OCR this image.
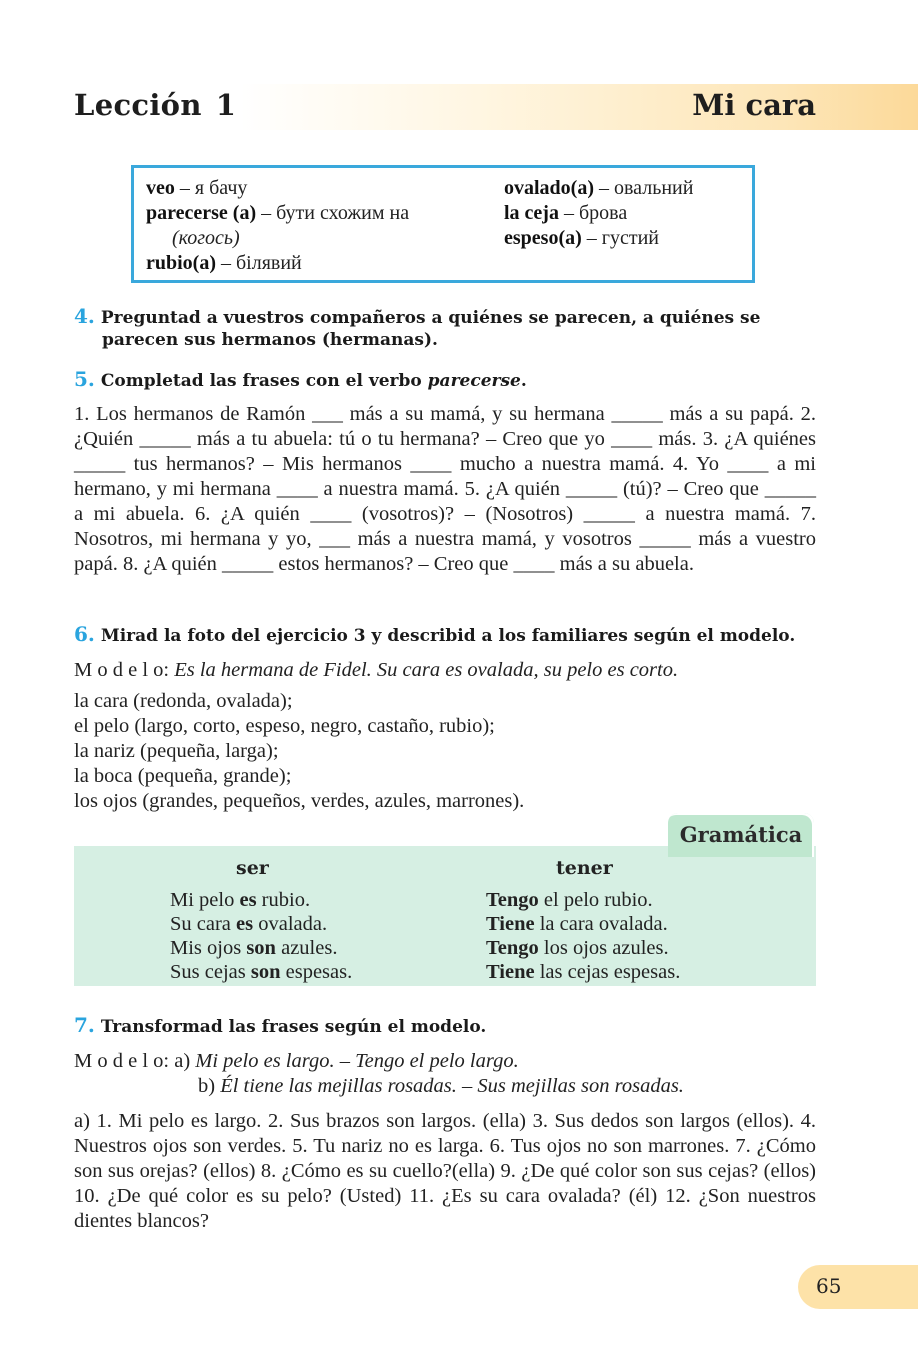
Lección 1	Mi cara
veo – я бачу
parecerse (a) – бути схожим на
(когось)
rubio(a) – білявий
ovalado(a) – овальний
la ceja – брова
espeso(a) – густий
4. Preguntad a vuestros compañeros a quiénes se parecen, a quiénes se
parecen sus hermanos (hermanas).
5. Completad las frases con el verbo parecerse.
1. Los hermanos de Ramón ___ más a su mamá, y su hermana _____ más a su papá. 2. ¿Quién _____ más a tu abuela: tú o tu hermana? – Creo que yo ____ más. 3. ¿A quiénes _____ tus hermanos? – Mis hermanos ____ mucho a nuestra mamá. 4. Yo ____ a mi hermano, y mi hermana ____ a nuestra mamá. 5. ¿A quién _____ (tú)? – Creo que _____ a mi abuela. 6. ¿A quién ____ (vosotros)? – (Nosotros) _____ a nuestra mamá. 7. Nosotros, mi hermana y yo, ___ más a nuestra mamá, y vosotros _____ más a vuestro papá. 8. ¿A quién _____ estos hermanos? – Creo que ____ más a su abuela.
6. Mirad la foto del ejercicio 3 y describid a los familiares según el modelo.
M o d e l o: Es la hermana de Fidel. Su cara es ovalada, su pelo es corto.
la cara (redonda, ovalada);
el pelo (largo, corto, espeso, negro, castaño, rubio);
la nariz (pequeña, larga);
la boca (pequeña, grande);
los ojos (grandes, pequeños, verdes, azules, marrones).
ser
Mi pelo es rubio.
Su cara es ovalada.
Mis ojos son azules.
Sus cejas son espesas.
tener
Tengo el pelo rubio.
Tiene la cara ovalada.
Tengo los ojos azules.
Tiene las cejas espesas.
Gramática
7. Transformad las frases según el modelo.
M o d e l o: a) Mi pelo es largo. – Tengo el pelo largo.
b) Él tiene las mejillas rosadas. – Sus mejillas son rosadas.
a) 1. Mi pelo es largo. 2. Sus brazos son largos. (ella) 3. Sus dedos son largos (ellos). 4. Nuestros ojos son verdes. 5. Tu nariz no es larga. 6. Tus ojos no son marrones. 7. ¿Cómo son sus orejas? (ellos) 8. ¿Cómo es su cuello?(ella) 9. ¿De qué color son sus cejas? (ellos) 10. ¿De qué color es su pelo? (Usted) 11. ¿Es su cara ovalada? (él) 12. ¿Son nuestros dientes blancos?
65
